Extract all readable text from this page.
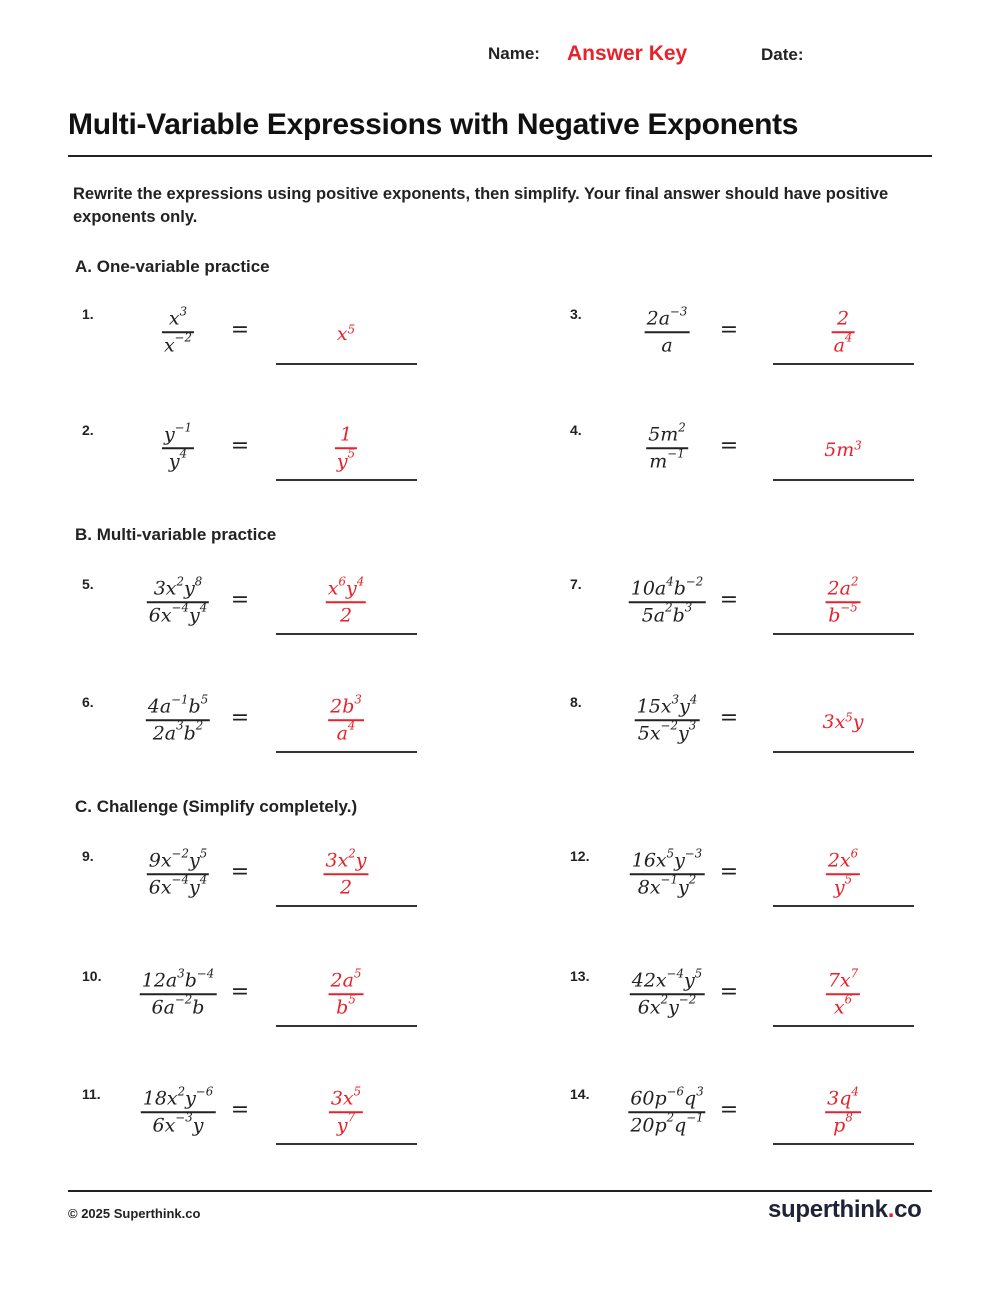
Name: Answer Key	Date:
Multi-Variable Expressions with Negative Exponents
Rewrite the expressions using positive exponents, then simplify. Your final answer should have positive exponents only.
A. One-variable practice
B. Multi-variable practice
C. Challenge (Simplify completely.)
1.	$x^3$
$x^{-2}$ =	$x^5$
2.	$y^{-1}$
$y^4$ =	1
$y^5$
3.	$2a^{-3}$
a
=	2
$a^4$
4.	$5m^2$
$m^{-1}$ =	$5m^3$
5.	$3x^2y^8$
$6x^{-4}y^4$ =	$x^6y^4$
2
6.	$4a^{-1}b^5$
$2a^3b^2$ =	$2b^3$
$a^4$
7.	$10a^4b^{-2}$
$5a^2b^3$ =	$2a^2$
$b^{-5}$
8.	$15x^3y^4$
$5x^{-2}y^3$ =	$3x^5y$
9.	$9x^{-2}y^5$
$6x^{-4}y^4$ =	$3x^2y$
2
10. $12a^3b^{-4}$
$6a^{-2}b$
=	$2a^5$
$b^5$
11. $18x^2y^{-6}$
$6x^{-3}y$
=	$3x^5$
$y^7$
12. $16x^5y^{-3}$
$8x^{-1}y^2$ =	$2x^6$
$y^5$
13. $42x^{-4}y^5$
$6x^2y^{-2}$ =	$7x^7$
$x^6$
14. $60p^{-6}q^3$
$20p^2q^{-1}$ =	$3q^4$
$p^8$
© 2025 Superthink.co	superthink.co
